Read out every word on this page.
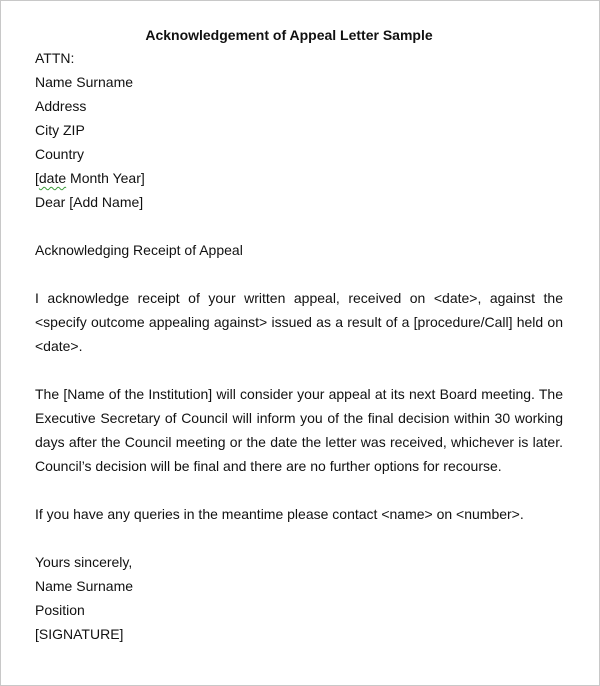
Acknowledgement of Appeal Letter Sample

ATTN:

Name Surname

Address

City ZIP

Country

[date Month Year]

Dear [Add Name]

Acknowledging Receipt of Appeal

I acknowledge receipt of your written appeal, received on <date>, against the <specify outcome appealing against> issued as a result of a [procedure/Call] held on <date>.

The [Name of the Institution] will consider your appeal at its next Board meeting. The Executive Secretary of Council will inform you of the final decision within 30 working days after the Council meeting or the date the letter was received, whichever is later. Council’s decision will be final and there are no further options for recourse.

If you have any queries in the meantime please contact <name> on <number>.

Yours sincerely,

Name Surname

Position

[SIGNATURE]
